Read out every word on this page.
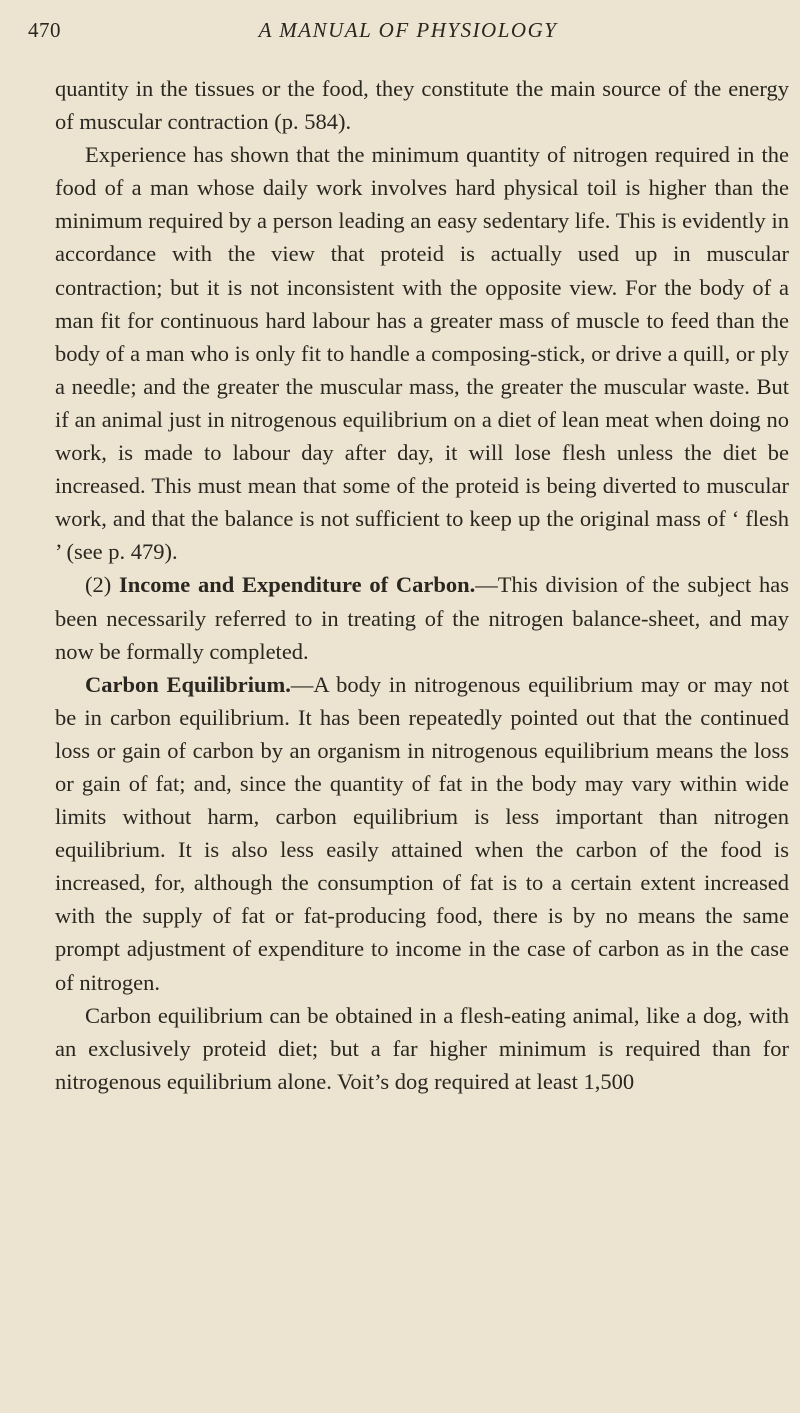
470	A MANUAL OF PHYSIOLOGY

quantity in the tissues or the food, they constitute the main source of the energy of muscular contraction (p. 584).

Experience has shown that the minimum quantity of nitrogen required in the food of a man whose daily work involves hard physical toil is higher than the minimum required by a person leading an easy sedentary life. This is evidently in accordance with the view that proteid is actually used up in muscular contraction; but it is not inconsistent with the opposite view. For the body of a man fit for continuous hard labour has a greater mass of muscle to feed than the body of a man who is only fit to handle a composing-stick, or drive a quill, or ply a needle; and the greater the muscular mass, the greater the muscular waste. But if an animal just in nitrogenous equilibrium on a diet of lean meat when doing no work, is made to labour day after day, it will lose flesh unless the diet be increased. This must mean that some of the proteid is being diverted to muscular work, and that the balance is not sufficient to keep up the original mass of ‘ flesh ’ (see p. 479).

(2) Income and Expenditure of Carbon.—This division of the subject has been necessarily referred to in treating of the nitrogen balance-sheet, and may now be formally completed.

Carbon Equilibrium.—A body in nitrogenous equilibrium may or may not be in carbon equilibrium. It has been repeatedly pointed out that the continued loss or gain of carbon by an organism in nitrogenous equilibrium means the loss or gain of fat; and, since the quantity of fat in the body may vary within wide limits without harm, carbon equilibrium is less important than nitrogen equilibrium. It is also less easily attained when the carbon of the food is increased, for, although the consumption of fat is to a certain extent increased with the supply of fat or fat-producing food, there is by no means the same prompt adjustment of expenditure to income in the case of carbon as in the case of nitrogen.

Carbon equilibrium can be obtained in a flesh-eating animal, like a dog, with an exclusively proteid diet; but a far higher minimum is required than for nitrogenous equilibrium alone. Voit’s dog required at least 1,500
